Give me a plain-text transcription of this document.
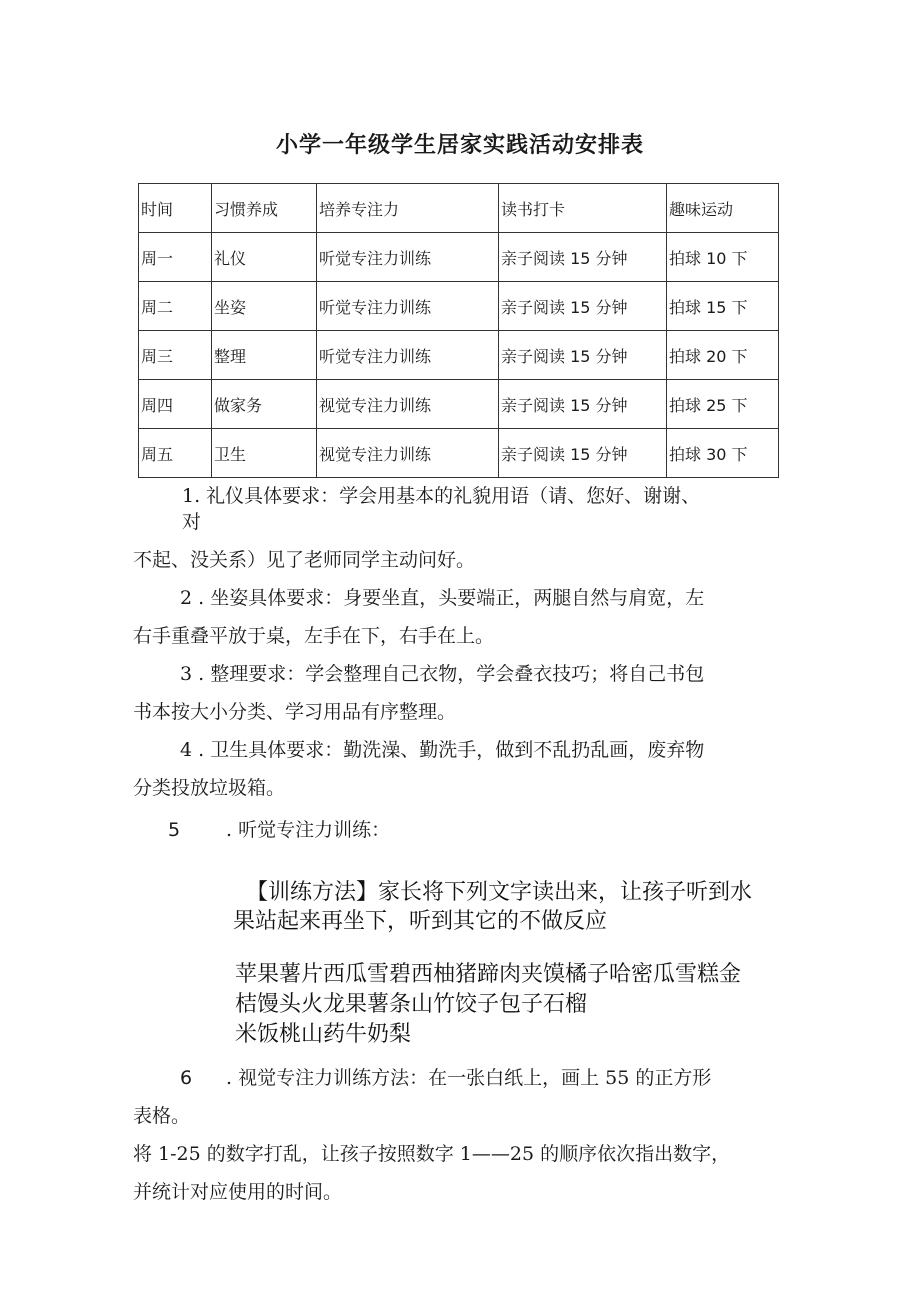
小学一年级学生居家实践活动安排表
时间	习惯养成	培养专注力	读书打卡	趣味运动
周一	礼仪	听觉专注力训练	亲子阅读 15 分钟	拍球 10 下
周二	坐姿	听觉专注力训练	亲子阅读 15 分钟	拍球 15 下
周三	整理	听觉专注力训练	亲子阅读 15 分钟	拍球 20 下
周四	做家务	视觉专注力训练	亲子阅读 15 分钟	拍球 25 下
周五	卫生	视觉专注力训练	亲子阅读 15 分钟	拍球 30 下
1. 礼仪具体要求：学会用基本的礼貌用语（请、您好、谢谢、
对
不起、没关系）见了老师同学主动问好。
2 . 坐姿具体要求：身要坐直，头要端正，两腿自然与肩宽，左
右手重叠平放于桌，左手在下，右手在上。
3 . 整理要求：学会整理自己衣物，学会叠衣技巧；将自己书包
书本按大小分类、学习用品有序整理。
4 . 卫生具体要求：勤洗澡、勤洗手，做到不乱扔乱画，废弃物
分类投放垃圾箱。
5 . 听觉专注力训练：
【训练方法】家长将下列文字读出来，让孩子听到水
果站起来再坐下，听到其它的不做反应
苹果薯片西瓜雪碧西柚猪蹄肉夹馍橘子哈密瓜雪糕金
桔馒头火龙果薯条山竹饺子包子石榴
米饭桃山药牛奶梨
6 . 视觉专注力训练方法：在一张白纸上，画上 55 的正方形
表格。
将 1-25 的数字打乱，让孩子按照数字 1——25 的顺序依次指出数字，
并统计对应使用的时间。
